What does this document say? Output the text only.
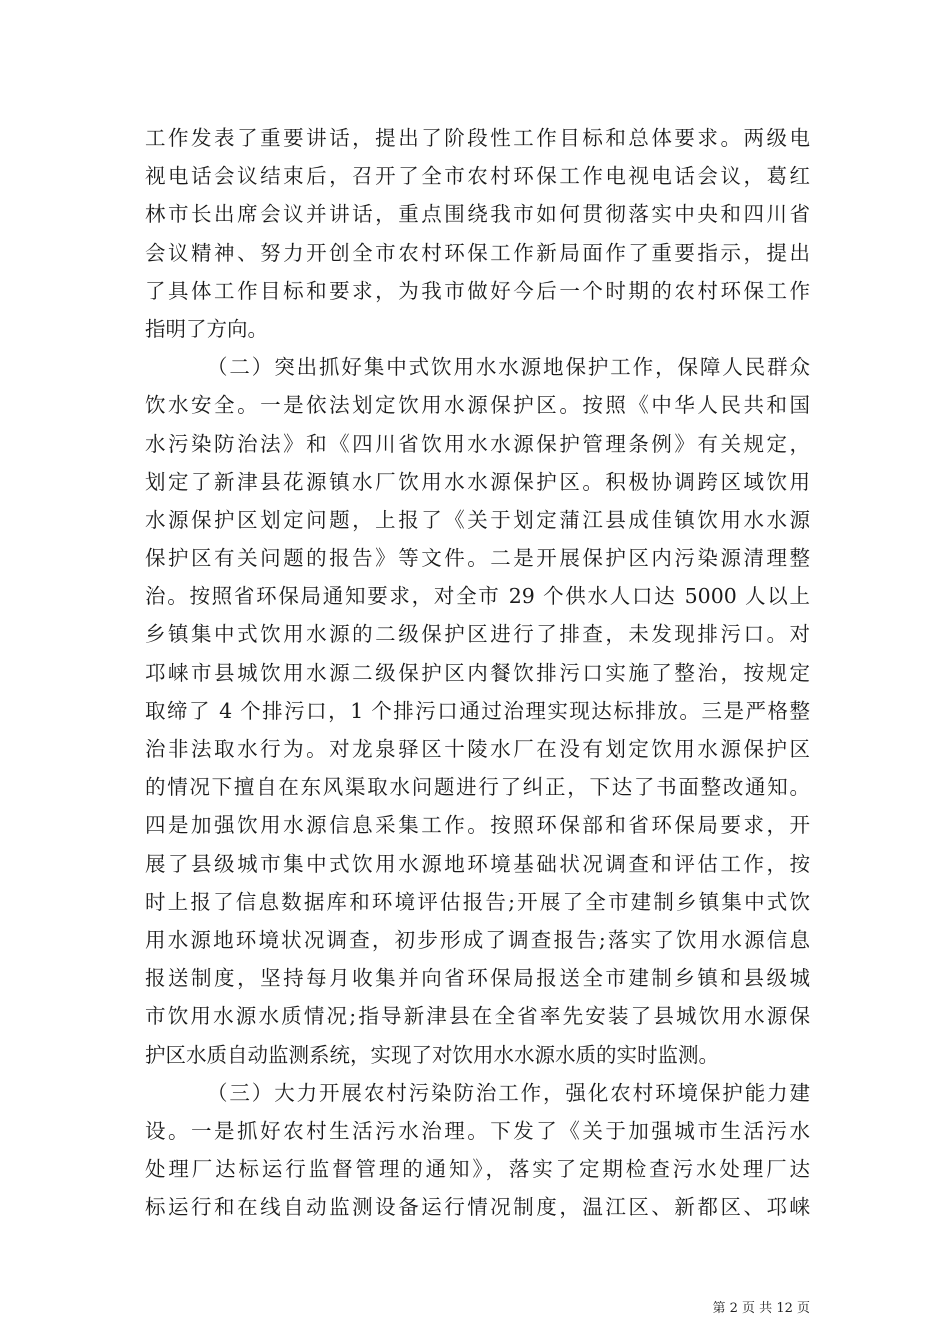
工作发表了重要讲话，提出了阶段性工作目标和总体要求。两级电
视电话会议结束后，召开了全市农村环保工作电视电话会议，葛红
林市长出席会议并讲话，重点围绕我市如何贯彻落实中央和四川省
会议精神、努力开创全市农村环保工作新局面作了重要指示，提出
了具体工作目标和要求，为我市做好今后一个时期的农村环保工作
指明了方向。
（二）突出抓好集中式饮用水水源地保护工作，保障人民群众
饮水安全。一是依法划定饮用水源保护区。按照《中华人民共和国
水污染防治法》和《四川省饮用水水源保护管理条例》有关规定，
划定了新津县花源镇水厂饮用水水源保护区。积极协调跨区域饮用
水源保护区划定问题，上报了《关于划定蒲江县成佳镇饮用水水源
保护区有关问题的报告》等文件。二是开展保护区内污染源清理整
治。按照省环保局通知要求，对全市 29 个供水人口达 5000 人以上
乡镇集中式饮用水源的二级保护区进行了排查，未发现排污口。对
邛崃市县城饮用水源二级保护区内餐饮排污口实施了整治，按规定
取缔了 4 个排污口，1 个排污口通过治理实现达标排放。三是严格整
治非法取水行为。对龙泉驿区十陵水厂在没有划定饮用水源保护区
的情况下擅自在东风渠取水问题进行了纠正，下达了书面整改通知。
四是加强饮用水源信息采集工作。按照环保部和省环保局要求，开
展了县级城市集中式饮用水源地环境基础状况调查和评估工作，按
时上报了信息数据库和环境评估报告;开展了全市建制乡镇集中式饮
用水源地环境状况调查，初步形成了调查报告;落实了饮用水源信息
报送制度，坚持每月收集并向省环保局报送全市建制乡镇和县级城
市饮用水源水质情况;指导新津县在全省率先安装了县城饮用水源保
护区水质自动监测系统，实现了对饮用水水源水质的实时监测。
（三）大力开展农村污染防治工作，强化农村环境保护能力建
设。一是抓好农村生活污水治理。下发了《关于加强城市生活污水
处理厂达标运行监督管理的通知》，落实了定期检查污水处理厂达
标运行和在线自动监测设备运行情况制度，温江区、新都区、邛崃
第 2 页 共 12 页
